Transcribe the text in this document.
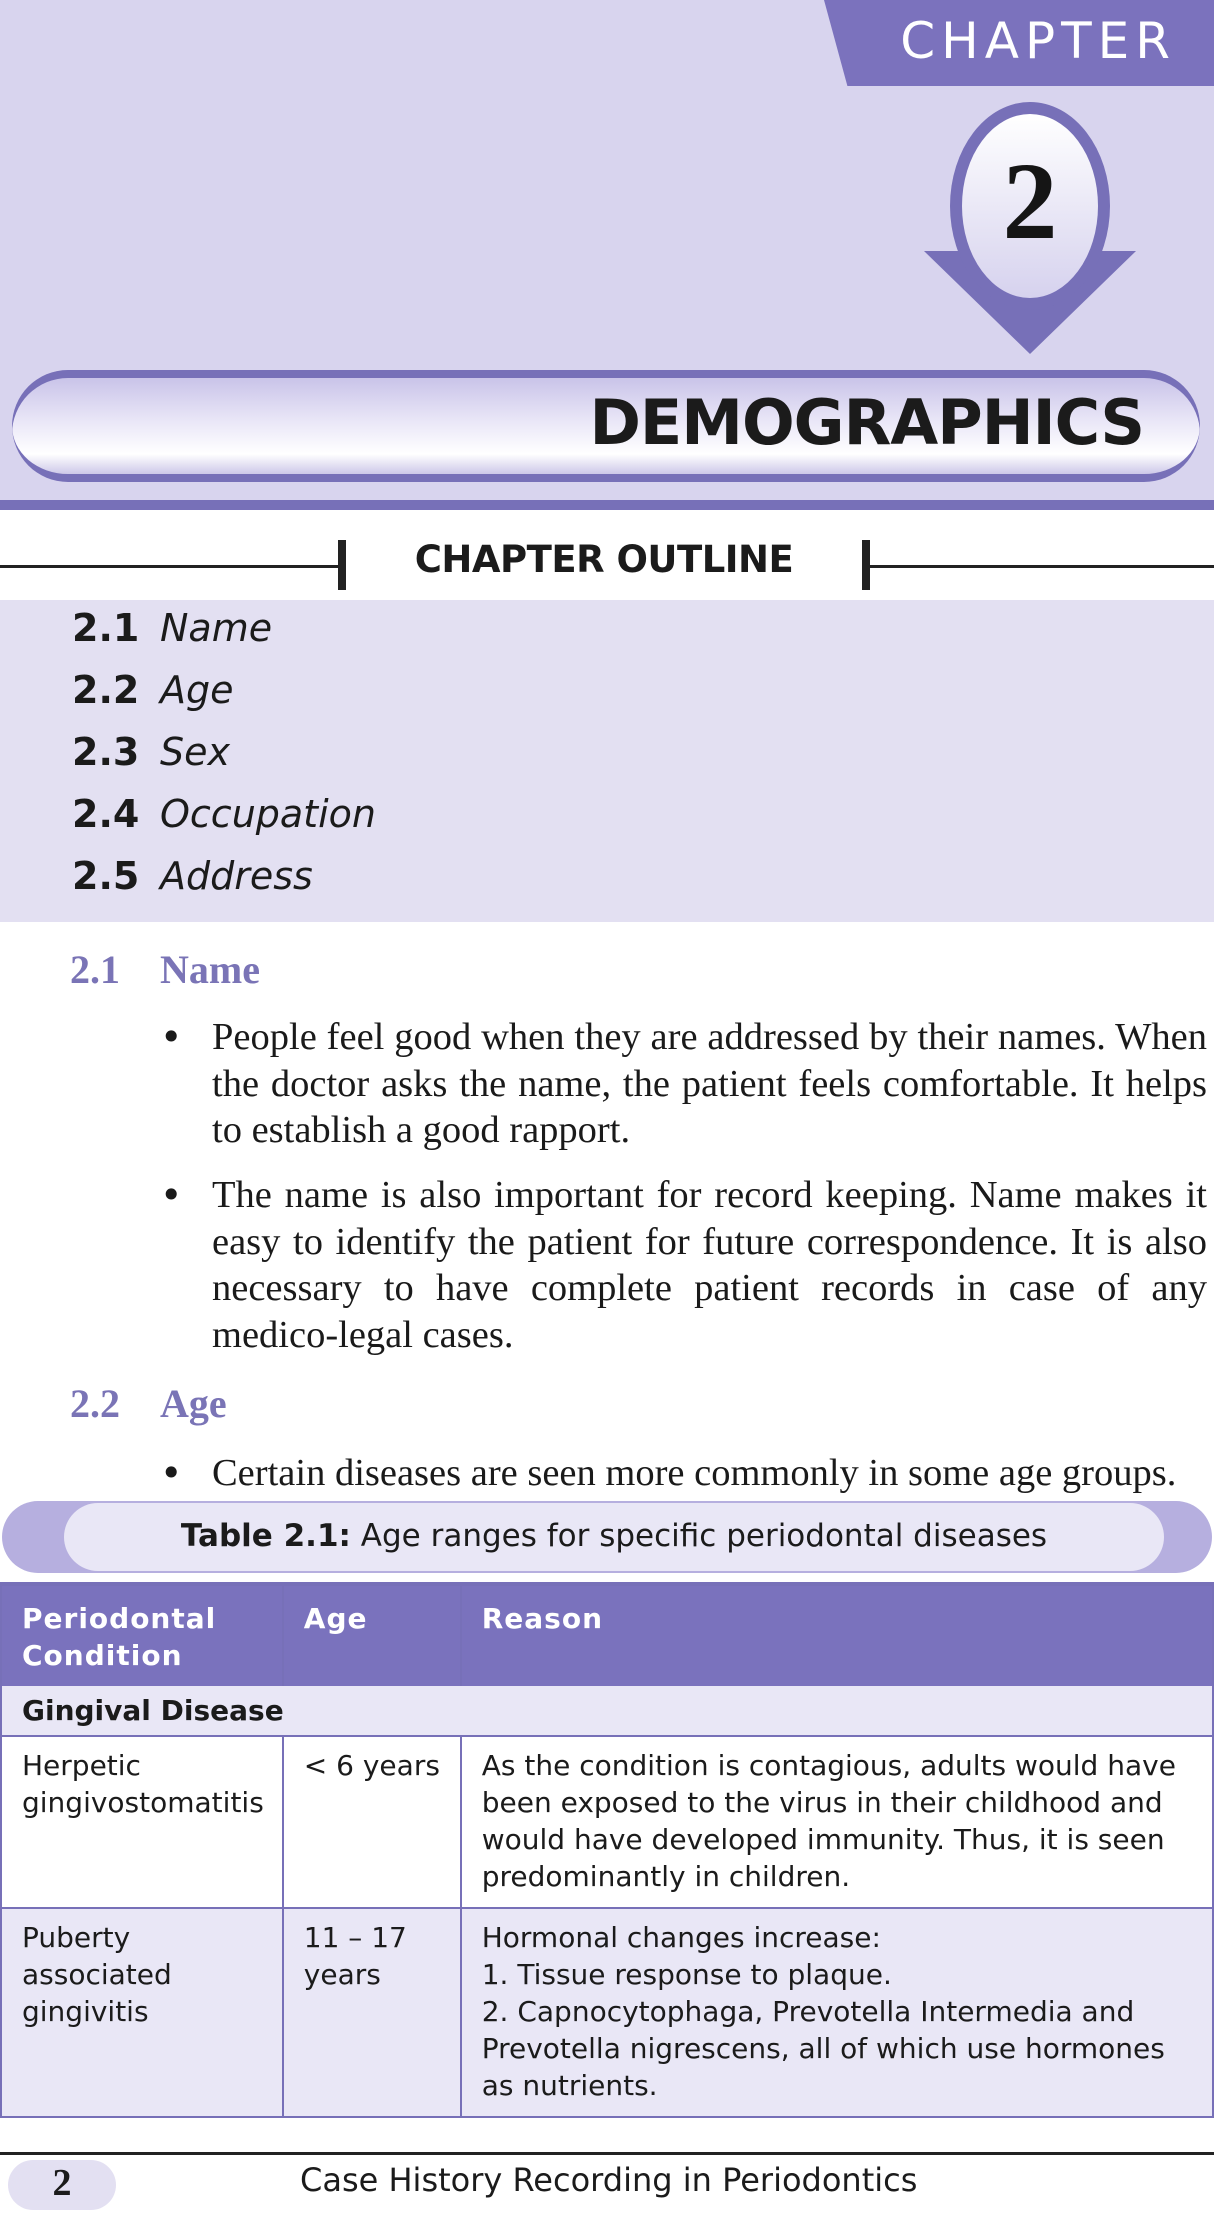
CHAPTER
2
DEMOGRAPHICS
CHAPTER OUTLINE
2.1 Name
2.2 Age
2.3 Sex
2.4 Occupation
2.5 Address
2.1 Name
• People feel good when they are addressed by their names. When the doctor asks the name, the patient feels comfortable. It helps to establish a good rapport.
• The name is also important for record keeping. Name makes it easy to identify the patient for future correspondence. It is also necessary to have complete patient records in case of any medico-legal cases.
2.2 Age
• Certain diseases are seen more commonly in some age groups.
Table 2.1: Age ranges for specific periodontal diseases
Periodontal Condition	Age	Reason
Gingival Disease		
Herpetic gingivostomatitis	< 6 years	As the condition is contagious, adults would have been exposed to the virus in their childhood and would have developed immunity. Thus, it is seen predominantly in children.
Puberty associated gingivitis	11 – 17 years	Hormonal changes increase:
1. Tissue response to plaque.
2. Capnocytophaga, Prevotella Intermedia and Prevotella nigrescens, all of which use hormones as nutrients.
2	Case History Recording in Periodontics
